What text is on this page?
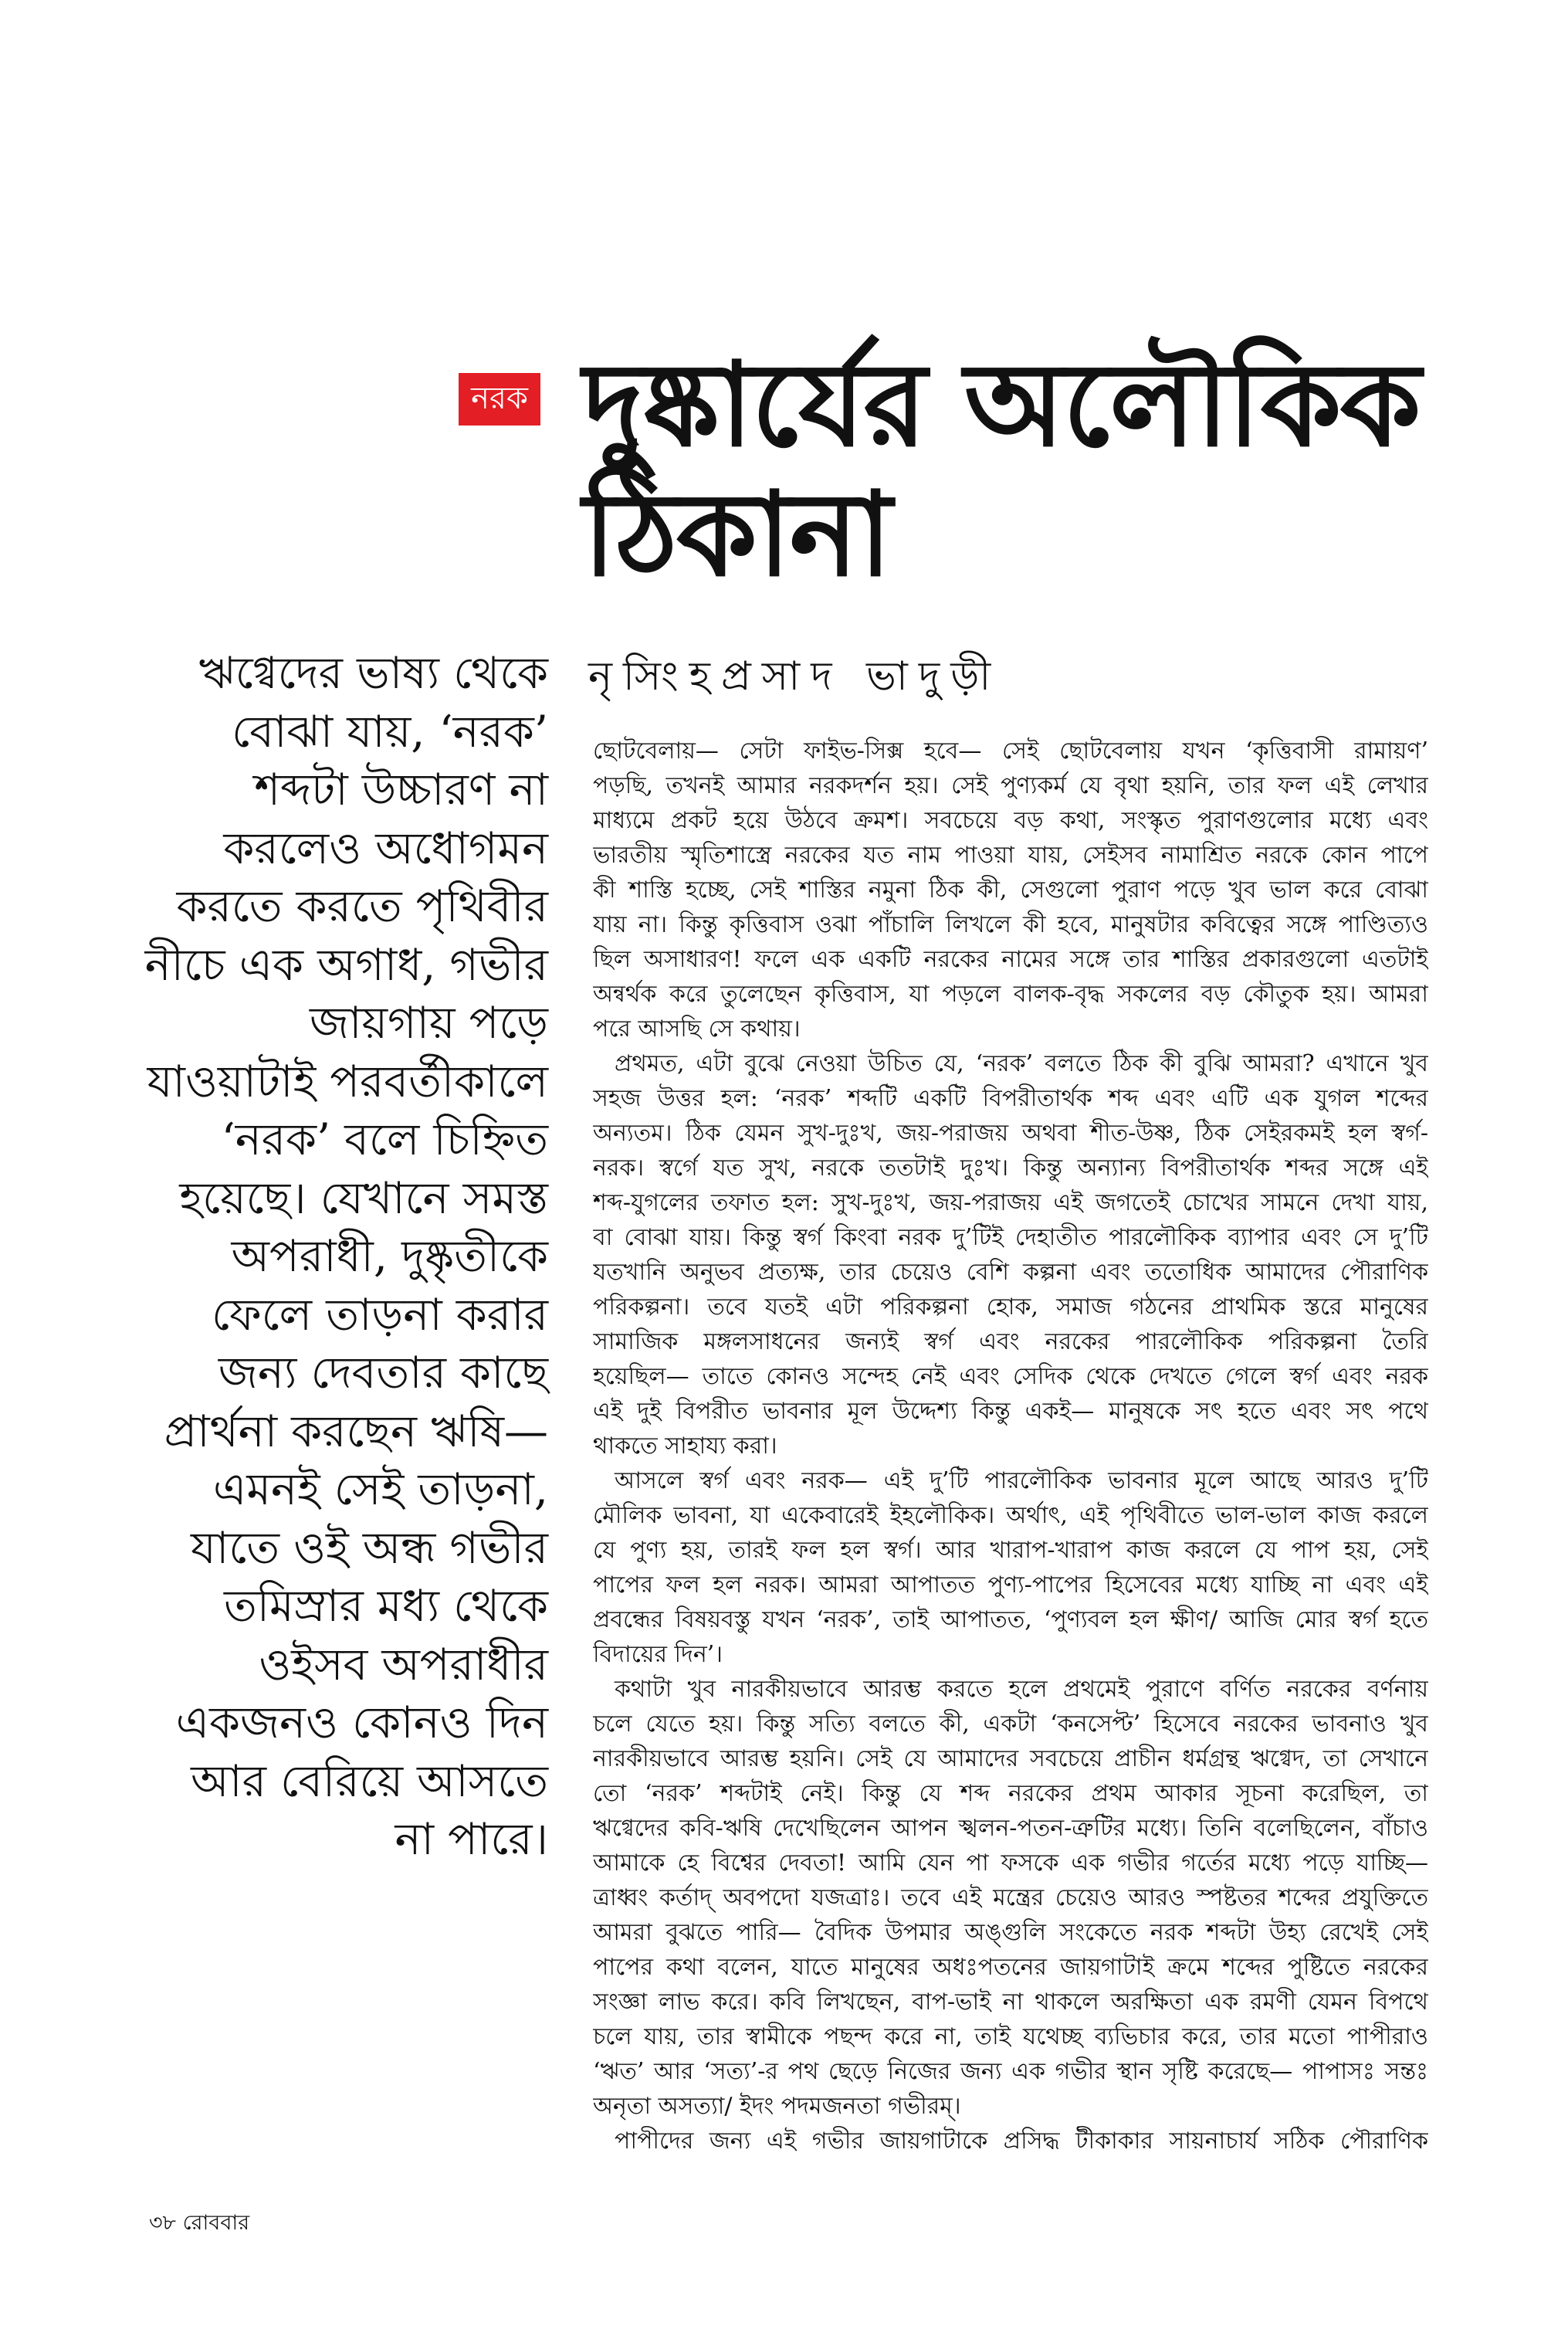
নরক দুষ্কার্যের অলৌকিক
ঠিকানা
নৃসিংহপ্রসাদ ভাদুড়ী
ঋগ্বেদের ভাষ্য থেকে
বোঝা যায়, ‘নরক’
শব্দটা উচ্চারণ না
করলেও অধোগমন
করতে করতে পৃথিবীর
নীচে এক অগাধ, গভীর
জায়গায় পড়ে
যাওয়াটাই পরবর্তীকালে
‘নরক’ বলে চিহ্নিত
হয়েছে। যেখানে সমস্ত
অপরাধী, দুষ্কৃতীকে
ফেলে তাড়না করার
জন্য দেবতার কাছে
প্রার্থনা করছেন ঋষি—
এমনই সেই তাড়না,
যাতে ওই অন্ধ গভীর
তমিস্রার মধ্য থেকে
ওইসব অপরাধীর
একজনও কোনও দিন
আর বেরিয়ে আসতে
না পারে।
ছোটবেলায়— সেটা ফাইভ-সিক্স হবে— সেই ছোটবেলায় যখন ‘কৃত্তিবাসী রামায়ণ’
পড়ছি, তখনই আমার নরকদর্শন হয়। সেই পুণ্যকর্ম যে বৃথা হয়নি, তার ফল এই লেখার
মাধ্যমে প্রকট হয়ে উঠবে ক্রমশ। সবচেয়ে বড় কথা, সংস্কৃত পুরাণগুলোর মধ্যে এবং
ভারতীয় স্মৃতিশাস্ত্রে নরকের যত নাম পাওয়া যায়, সেইসব নামাশ্রিত নরকে কোন পাপে
কী শাস্তি হচ্ছে, সেই শাস্তির নমুনা ঠিক কী, সেগুলো পুরাণ পড়ে খুব ভাল করে বোঝা
যায় না। কিন্তু কৃত্তিবাস ওঝা পাঁচালি লিখলে কী হবে, মানুষটার কবিত্বের সঙ্গে পাণ্ডিত্যও
ছিল অসাধারণ! ফলে এক একটি নরকের নামের সঙ্গে তার শাস্তির প্রকারগুলো এতটাই
অন্বর্থক করে তুলেছেন কৃত্তিবাস, যা পড়লে বালক-বৃদ্ধ সকলের বড় কৌতুক হয়। আমরা
পরে আসছি সে কথায়।
প্রথমত, এটা বুঝে নেওয়া উচিত যে, ‘নরক’ বলতে ঠিক কী বুঝি আমরা? এখানে খুব
সহজ উত্তর হল: ‘নরক’ শব্দটি একটি বিপরীতার্থক শব্দ এবং এটি এক যুগল শব্দের
অন্যতম। ঠিক যেমন সুখ-দুঃখ, জয়-পরাজয় অথবা শীত-উষ্ণ, ঠিক সেইরকমই হল স্বর্গ-
নরক। স্বর্গে যত সুখ, নরকে ততটাই দুঃখ। কিন্তু অন্যান্য বিপরীতার্থক শব্দর সঙ্গে এই
শব্দ-যুগলের তফাত হল: সুখ-দুঃখ, জয়-পরাজয় এই জগতেই চোখের সামনে দেখা যায়,
বা বোঝা যায়। কিন্তু স্বর্গ কিংবা নরক দু’টিই দেহাতীত পারলৌকিক ব্যাপার এবং সে দু’টি
যতখানি অনুভব প্রত্যক্ষ, তার চেয়েও বেশি কল্পনা এবং ততোধিক আমাদের পৌরাণিক
পরিকল্পনা। তবে যতই এটা পরিকল্পনা হোক, সমাজ গঠনের প্রাথমিক স্তরে মানুষের
সামাজিক মঙ্গলসাধনের জন্যই স্বর্গ এবং নরকের পারলৌকিক পরিকল্পনা তৈরি
হয়েছিল— তাতে কোনও সন্দেহ নেই এবং সেদিক থেকে দেখতে গেলে স্বর্গ এবং নরক
এই দুই বিপরীত ভাবনার মূল উদ্দেশ্য কিন্তু একই— মানুষকে সৎ হতে এবং সৎ পথে
থাকতে সাহায্য করা।
আসলে স্বর্গ এবং নরক— এই দু’টি পারলৌকিক ভাবনার মূলে আছে আরও দু’টি
মৌলিক ভাবনা, যা একেবারেই ইহলৌকিক। অর্থাৎ, এই পৃথিবীতে ভাল-ভাল কাজ করলে
যে পুণ্য হয়, তারই ফল হল স্বর্গ। আর খারাপ-খারাপ কাজ করলে যে পাপ হয়, সেই
পাপের ফল হল নরক। আমরা আপাতত পুণ্য-পাপের হিসেবের মধ্যে যাচ্ছি না এবং এই
প্রবন্ধের বিষয়বস্তু যখন ‘নরক’, তাই আপাতত, ‘পুণ্যবল হল ক্ষীণ/ আজি মোর স্বর্গ হতে
বিদায়ের দিন’।
কথাটা খুব নারকীয়ভাবে আরম্ভ করতে হলে প্রথমেই পুরাণে বর্ণিত নরকের বর্ণনায়
চলে যেতে হয়। কিন্তু সত্যি বলতে কী, একটা ‘কনসেপ্ট’ হিসেবে নরকের ভাবনাও খুব
নারকীয়ভাবে আরম্ভ হয়নি। সেই যে আমাদের সবচেয়ে প্রাচীন ধর্মগ্রন্থ ঋগ্বেদ, তা সেখানে
তো ‘নরক’ শব্দটাই নেই। কিন্তু যে শব্দ নরকের প্রথম আকার সূচনা করেছিল, তা
ঋগ্বেদের কবি-ঋষি দেখেছিলেন আপন স্খলন-পতন-ত্রুটির মধ্যে। তিনি বলেছিলেন, বাঁচাও
আমাকে হে বিশ্বের দেবতা! আমি যেন পা ফসকে এক গভীর গর্তের মধ্যে পড়ে যাচ্ছি—
ত্রাধ্বং কর্তাদ্ অবপদো যজত্রাঃ। তবে এই মন্ত্রের চেয়েও আরও স্পষ্টতর শব্দের প্রযুক্তিতে
আমরা বুঝতে পারি— বৈদিক উপমার অঙ্গুলি সংকেতে নরক শব্দটা উহ্য রেখেই সেই
পাপের কথা বলেন, যাতে মানুষের অধঃপতনের জায়গাটাই ক্রমে শব্দের পুষ্টিতে নরকের
সংজ্ঞা লাভ করে। কবি লিখছেন, বাপ-ভাই না থাকলে অরক্ষিতা এক রমণী যেমন বিপথে
চলে যায়, তার স্বামীকে পছন্দ করে না, তাই যথেচ্ছ ব্যভিচার করে, তার মতো পাপীরাও
‘ঋত’ আর ‘সত্য’-র পথ ছেড়ে নিজের জন্য এক গভীর স্থান সৃষ্টি করেছে— পাপাসঃ সন্তঃ
অনৃতা অসত্যা/ ইদং পদমজনতা গভীরম্।
পাপীদের জন্য এই গভীর জায়গাটাকে প্রসিদ্ধ টীকাকার সায়নাচার্য সঠিক পৌরাণিক
৩৮ রোববার
